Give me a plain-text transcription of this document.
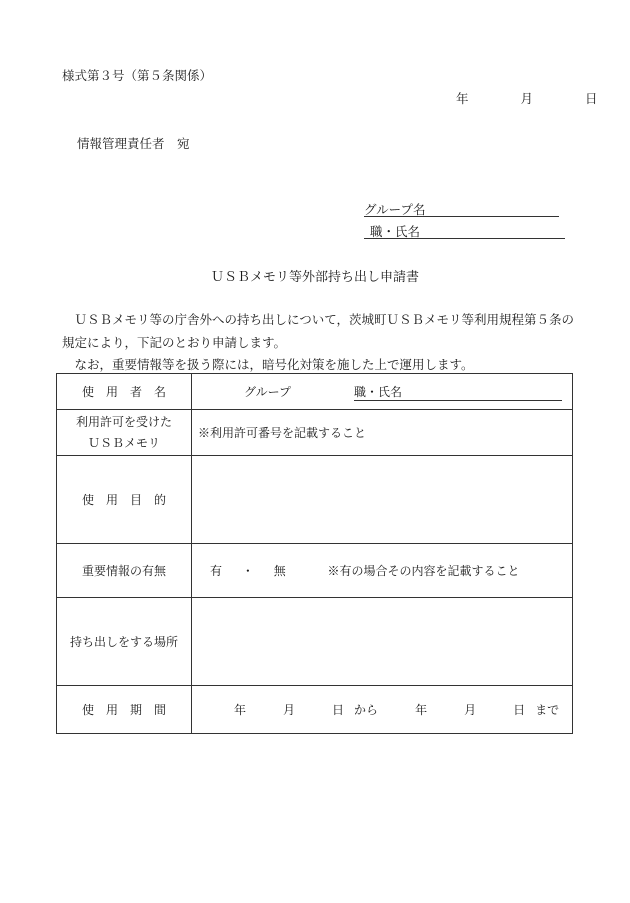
様式第３号（第５条関係）
年	月	日
情報管理責任者　宛
グループ名
職・氏名
ＵＳＢメモリ等外部持ち出し申請書

　ＵＳＢメモリ等の庁舎外への持ち出しについて，茨城町ＵＳＢメモリ等利用規程第５条の

規定により，下記のとおり申請します。

　なお，重要情報等を扱う際には，暗号化対策を施した上で運用します。

使　用　者　名	グループ 職・氏名

利用許可を受けた
ＵＳＢメモリ	※利用許可番号を記載すること
使　用　目　的	
重要情報の有無	有 ・ 無 ※有の場合その内容を記載すること
持ち出しをする場所	
使　用　期　間	年 月 日 から 年 月 日 まで
